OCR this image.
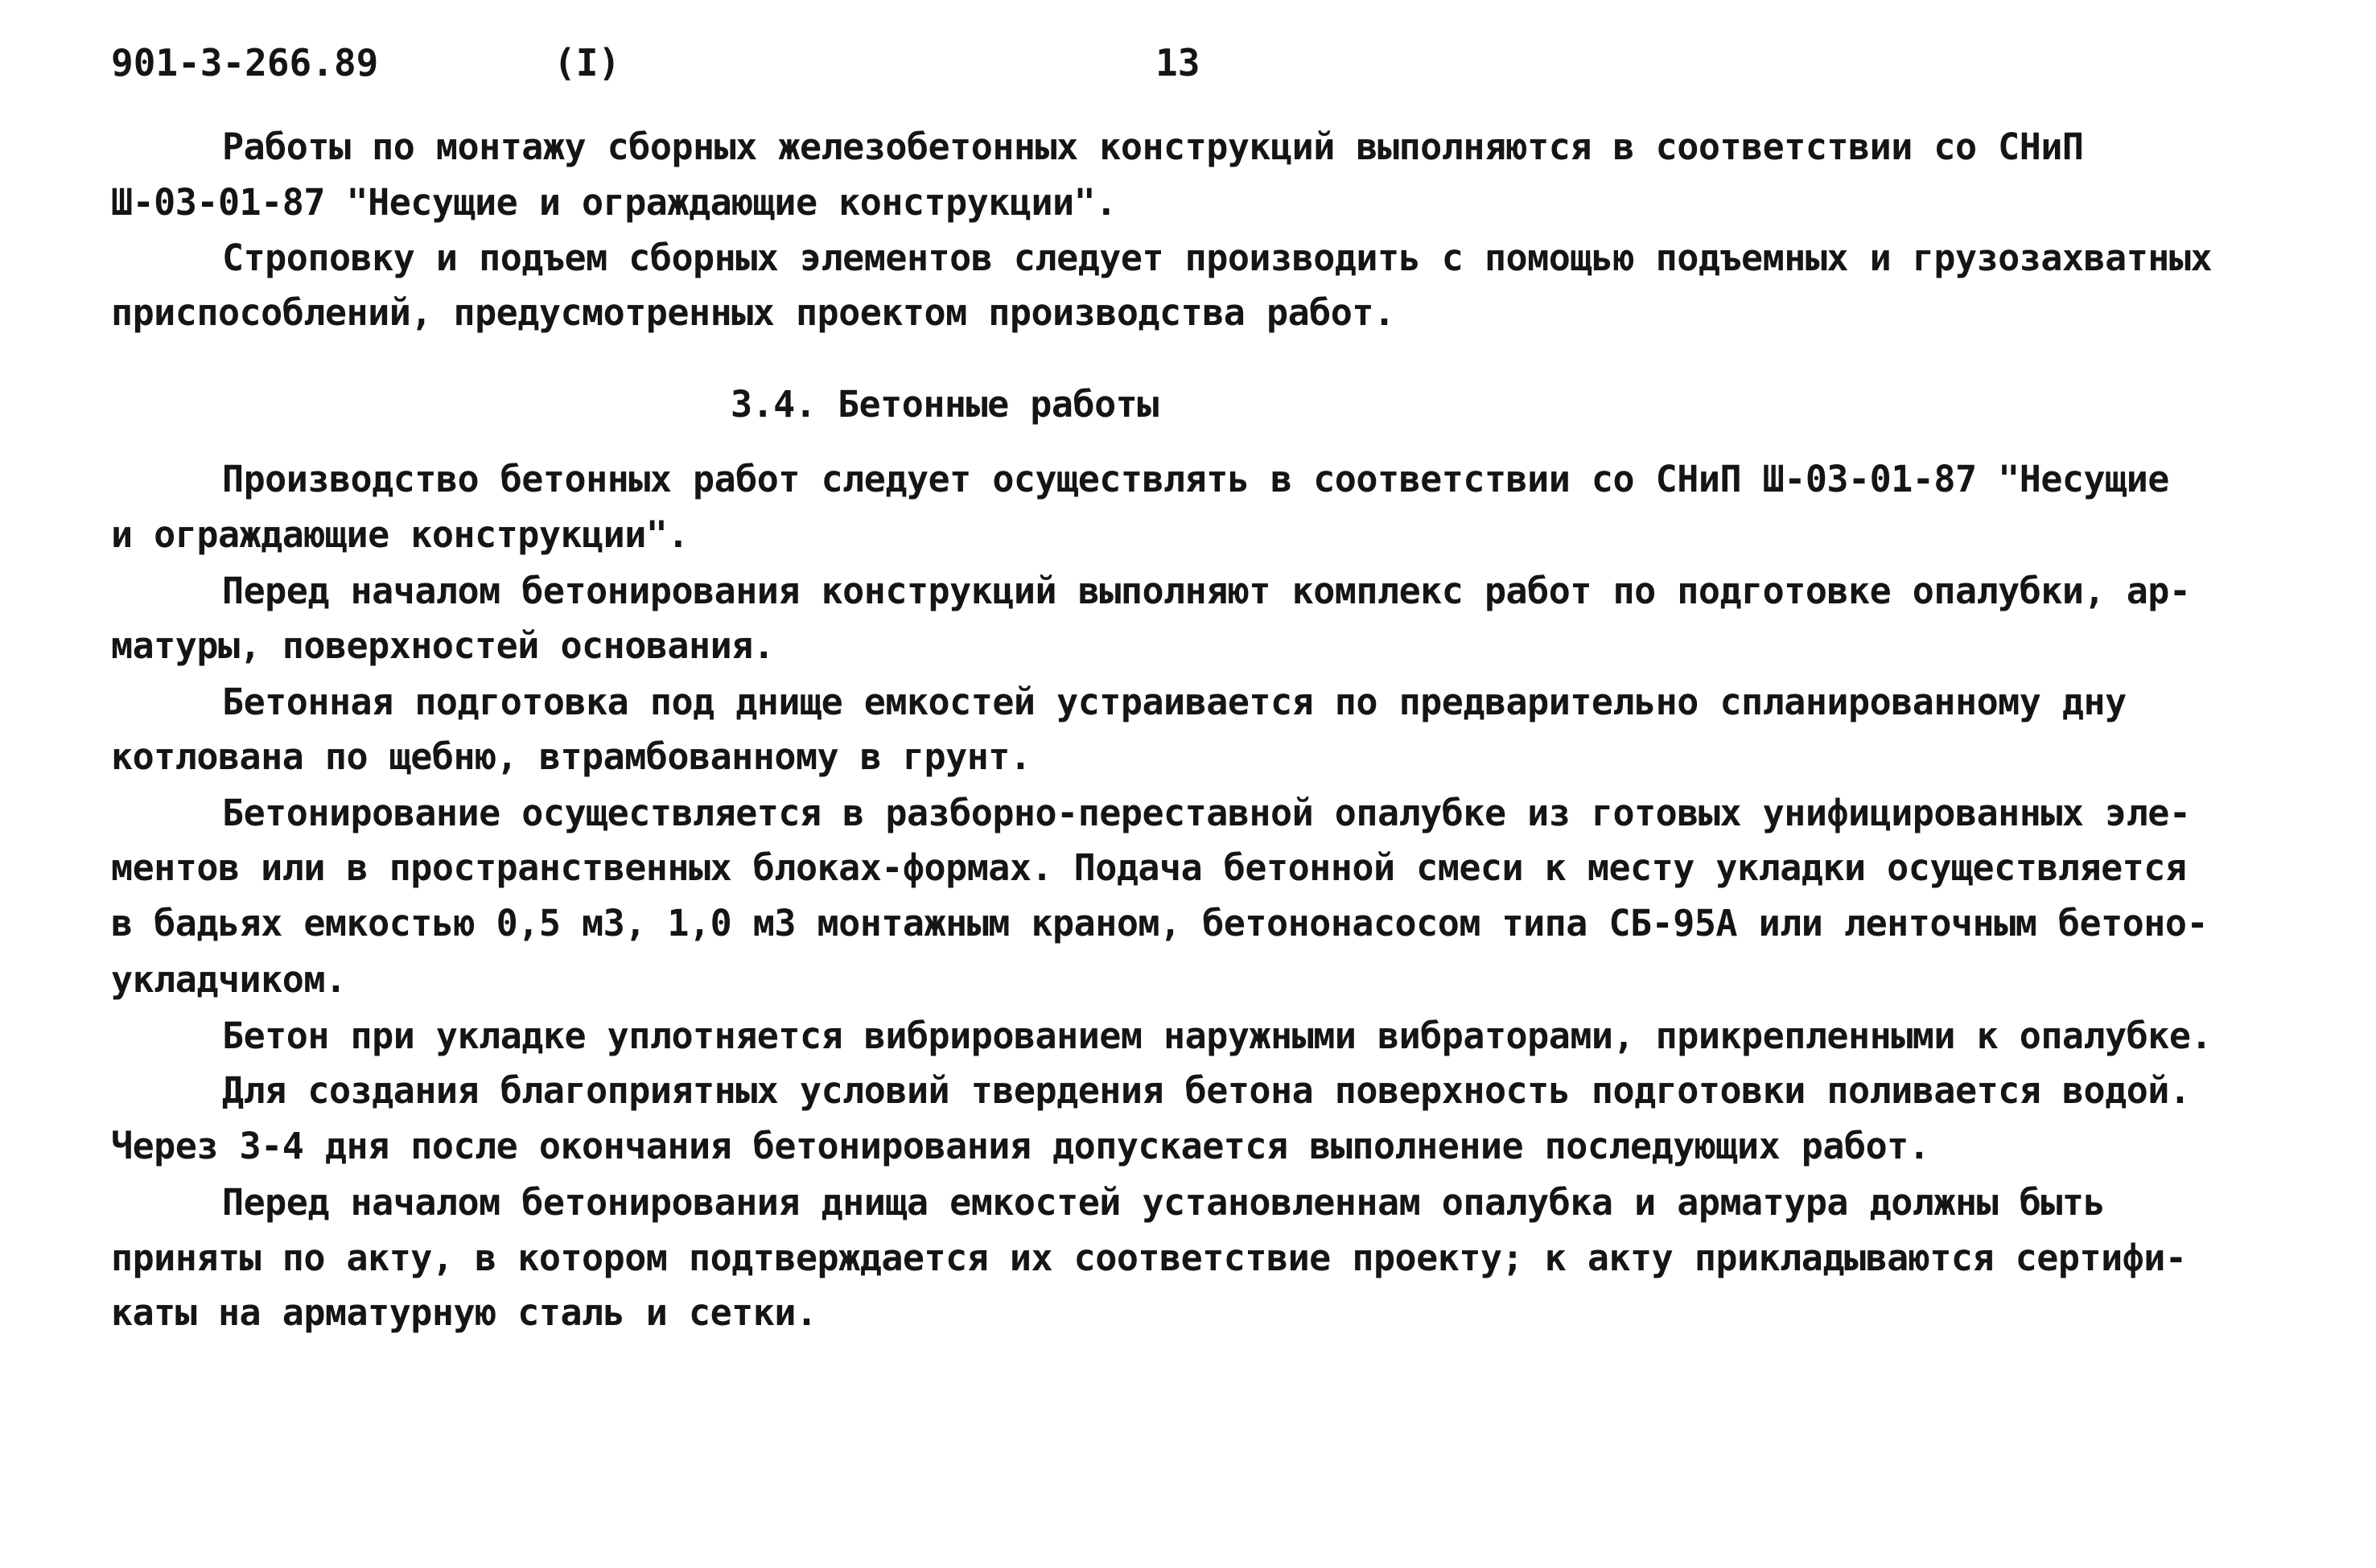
901-3-266.89	(I)	13
Работы по монтажу сборных железобетонных конструкций выполняются в соответствии со СНиП
Ш-03-01-87 "Несущие и ограждающие конструкции".
Строповку и подъем сборных элементов следует производить с помощью подъемных и грузозахватных
приспособлений, предусмотренных проектом производства работ.
3.4. Бетонные работы
Производство бетонных работ следует осуществлять в соответствии со СНиП Ш-03-01-87 "Несущие
и ограждающие конструкции".
Перед началом бетонирования конструкций выполняют комплекс работ по подготовке опалубки, ар-
матуры, поверхностей основания.
Бетонная подготовка под днище емкостей устраивается по предварительно спланированному дну
котлована по щебню, втрамбованному в грунт.
Бетонирование осуществляется в разборно-переставной опалубке из готовых унифицированных эле-
ментов или в пространственных блоках-формах. Подача бетонной смеси к месту укладки осуществляется
в бадьях емкостью 0,5 м3, 1,0 м3 монтажным краном, бетононасосом типа СБ-95А или ленточным бетоно-
укладчиком.
Бетон при укладке уплотняется вибрированием наружными вибраторами, прикрепленными к опалубке.
Для создания благоприятных условий твердения бетона поверхность подготовки поливается водой.
Через 3-4 дня после окончания бетонирования допускается выполнение последующих работ.
Перед началом бетонирования днища емкостей установленнам опалубка и арматура должны быть
приняты по акту, в котором подтверждается их соответствие проекту; к акту прикладываются сертифи-
каты на арматурную сталь и сетки.
